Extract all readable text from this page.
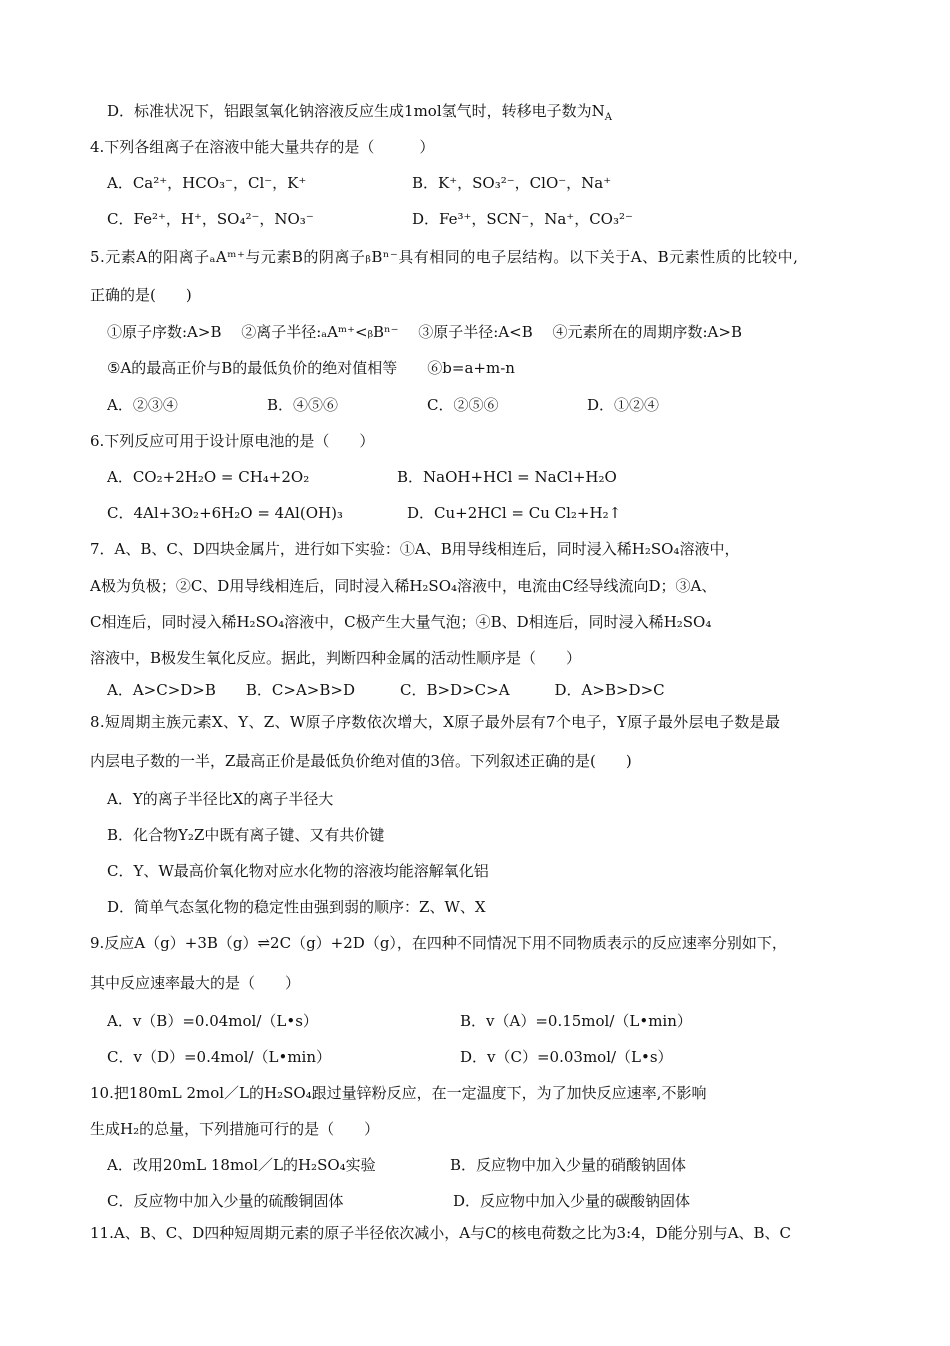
D．标准状况下，铝跟氢氧化钠溶液反应生成1mol氢气时，转移电子数为$N_A$
4.下列各组离子在溶液中能大量共存的是（　　　）
A．Ca²⁺，HCO₃⁻，Cl⁻，K⁺	B．K⁺，SO₃²⁻，ClO⁻，Na⁺
C．Fe²⁺，H⁺，SO₄²⁻，NO₃⁻	D．Fe³⁺，SCN⁻，Na⁺，CO₃²⁻
5.元素A的阳离子ₐAᵐ⁺与元素B的阴离子ᵦBⁿ⁻具有相同的电子层结构。以下关于A、B元素性质的比较中,
正确的是(　　)
①原子序数:A>B　 ②离子半径:ₐAᵐ⁺<ᵦBⁿ⁻　 ③原子半径:A<B　 ④元素所在的周期序数:A>B
⑤A的最高正价与B的最低负价的绝对值相等　　⑥b=a+m-n
A．②③④	B．④⑤⑥	C．②⑤⑥	D．①②④
6.下列反应可用于设计原电池的是（　　）
A．CO₂+2H₂O = CH₄+2O₂	B．NaOH+HCl = NaCl+H₂O
C．4Al+3O₂+6H₂O = 4Al(OH)₃	D．Cu+2HCl = Cu Cl₂+H₂↑
7．A、B、C、D四块金属片，进行如下实验：①A、B用导线相连后，同时浸入稀H₂SO₄溶液中，
A极为负极；②C、D用导线相连后，同时浸入稀H₂SO₄溶液中，电流由C经导线流向D；③A、
C相连后，同时浸入稀H₂SO₄溶液中，C极产生大量气泡；④B、D相连后，同时浸入稀H₂SO₄
溶液中，B极发生氧化反应。据此，判断四种金属的活动性顺序是（　　）
A．A>C>D>B　　B．C>A>B>D　　　C．B>D>C>A　　　D．A>B>D>C
8.短周期主族元素X、Y、Z、W原子序数依次增大，X原子最外层有7个电子，Y原子最外层电子数是最
内层电子数的一半，Z最高正价是最低负价绝对值的3倍。下列叙述正确的是(　　)
A．Y的离子半径比X的离子半径大
B．化合物Y₂Z中既有离子键、又有共价键
C．Y、W最高价氧化物对应水化物的溶液均能溶解氧化铝
D．简单气态氢化物的稳定性由强到弱的顺序：Z、W、X
9.反应A（g）+3B（g）⇌2C（g）+2D（g），在四种不同情况下用不同物质表示的反应速率分别如下，
其中反应速率最大的是（　　）
A．v（B）=0.04mol/（L•s）	B．v（A）=0.15mol/（L•min）
C．v（D）=0.4mol/（L•min）	D．v（C）=0.03mol/（L•s）
10.把180mL 2mol／L的H₂SO₄跟过量锌粉反应，在一定温度下，为了加快反应速率,不影响
生成H₂的总量，下列措施可行的是（　　）
A．改用20mL 18mol／L的H₂SO₄实验	B．反应物中加入少量的硝酸钠固体
C．反应物中加入少量的硫酸铜固体	D．反应物中加入少量的碳酸钠固体
11.A、B、C、D四种短周期元素的原子半径依次减小，A与C的核电荷数之比为3:4，D能分别与A、B、C
